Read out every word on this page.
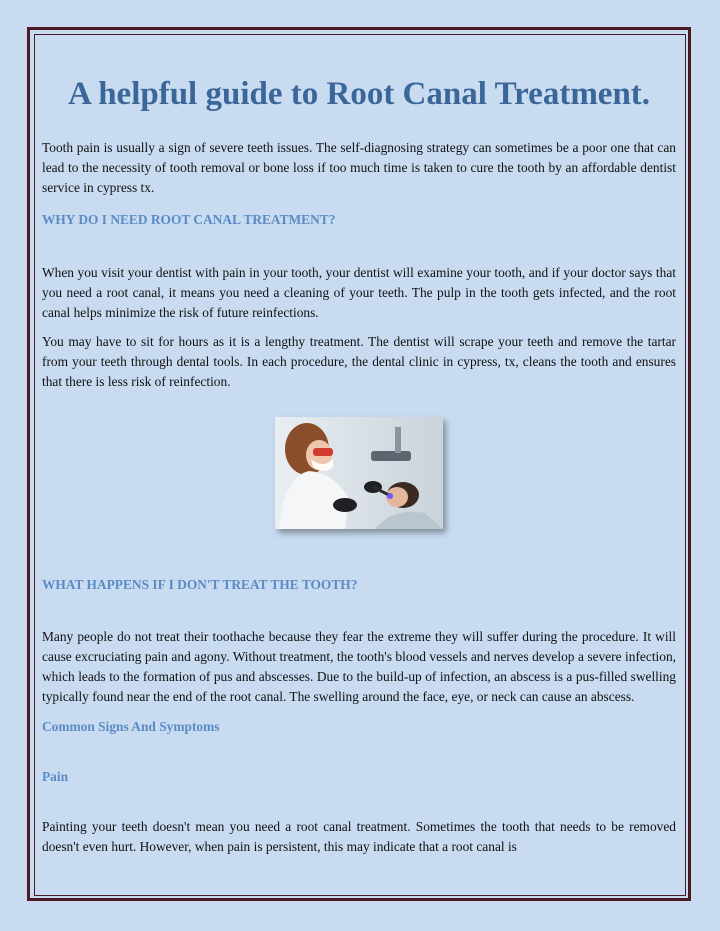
A helpful guide to Root Canal Treatment.

Tooth pain is usually a sign of severe teeth issues. The self-diagnosing strategy can sometimes be a poor one that can lead to the necessity of tooth removal or bone loss if too much time is taken to cure the tooth by an affordable dentist service in cypress tx.

WHY DO I NEED ROOT CANAL TREATMENT?

When you visit your dentist with pain in your tooth, your dentist will examine your tooth, and if your doctor says that you need a root canal, it means you need a cleaning of your teeth. The pulp in the tooth gets infected, and the root canal helps minimize the risk of future reinfections.

You may have to sit for hours as it is a lengthy treatment. The dentist will scrape your teeth and remove the tartar from your teeth through dental tools. In each procedure, the dental clinic in cypress, tx, cleans the tooth and ensures that there is less risk of reinfection.

WHAT HAPPENS IF I DON'T TREAT THE TOOTH?

Many people do not treat their toothache because they fear the extreme they will suffer during the procedure. It will cause excruciating pain and agony. Without treatment, the tooth's blood vessels and nerves develop a severe infection, which leads to the formation of pus and abscesses. Due to the build-up of infection, an abscess is a pus-filled swelling typically found near the end of the root canal. The swelling around the face, eye, or neck can cause an abscess.

Common Signs And Symptoms
Pain

Painting your teeth doesn't mean you need a root canal treatment. Sometimes the tooth that needs to be removed doesn't even hurt. However, when pain is persistent, this may indicate that a root canal is
